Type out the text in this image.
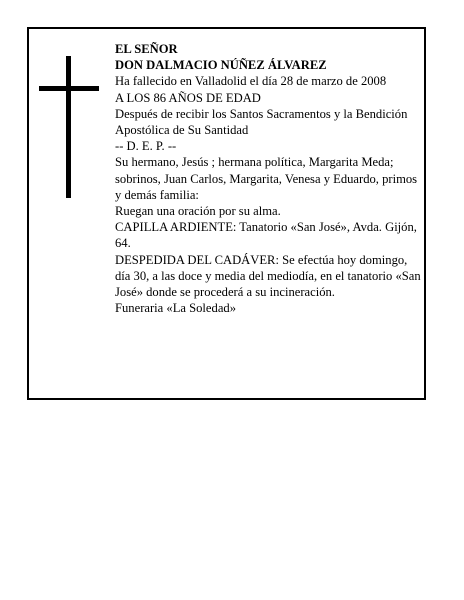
EL SEÑOR

DON DALMACIO NÚÑEZ ÁLVAREZ

Ha fallecido en Valladolid el día 28 de marzo de 2008

A LOS 86 AÑOS DE EDAD

Después de recibir los Santos Sacramentos y la Bendición Apostólica de Su Santidad

-- D. E. P. --

Su hermano, Jesús ; hermana política, Margarita Meda; sobrinos, Juan Carlos, Margarita, Venesa y Eduardo, primos y demás familia:

Ruegan una oración por su alma.

CAPILLA ARDIENTE: Tanatorio «San José», Avda. Gijón, 64.

DESPEDIDA DEL CADÁVER: Se efectúa hoy domingo, día 30, a las doce y media del mediodía, en el tanatorio «San José» donde se procederá a su incineración.

Funeraria «La Soledad»
